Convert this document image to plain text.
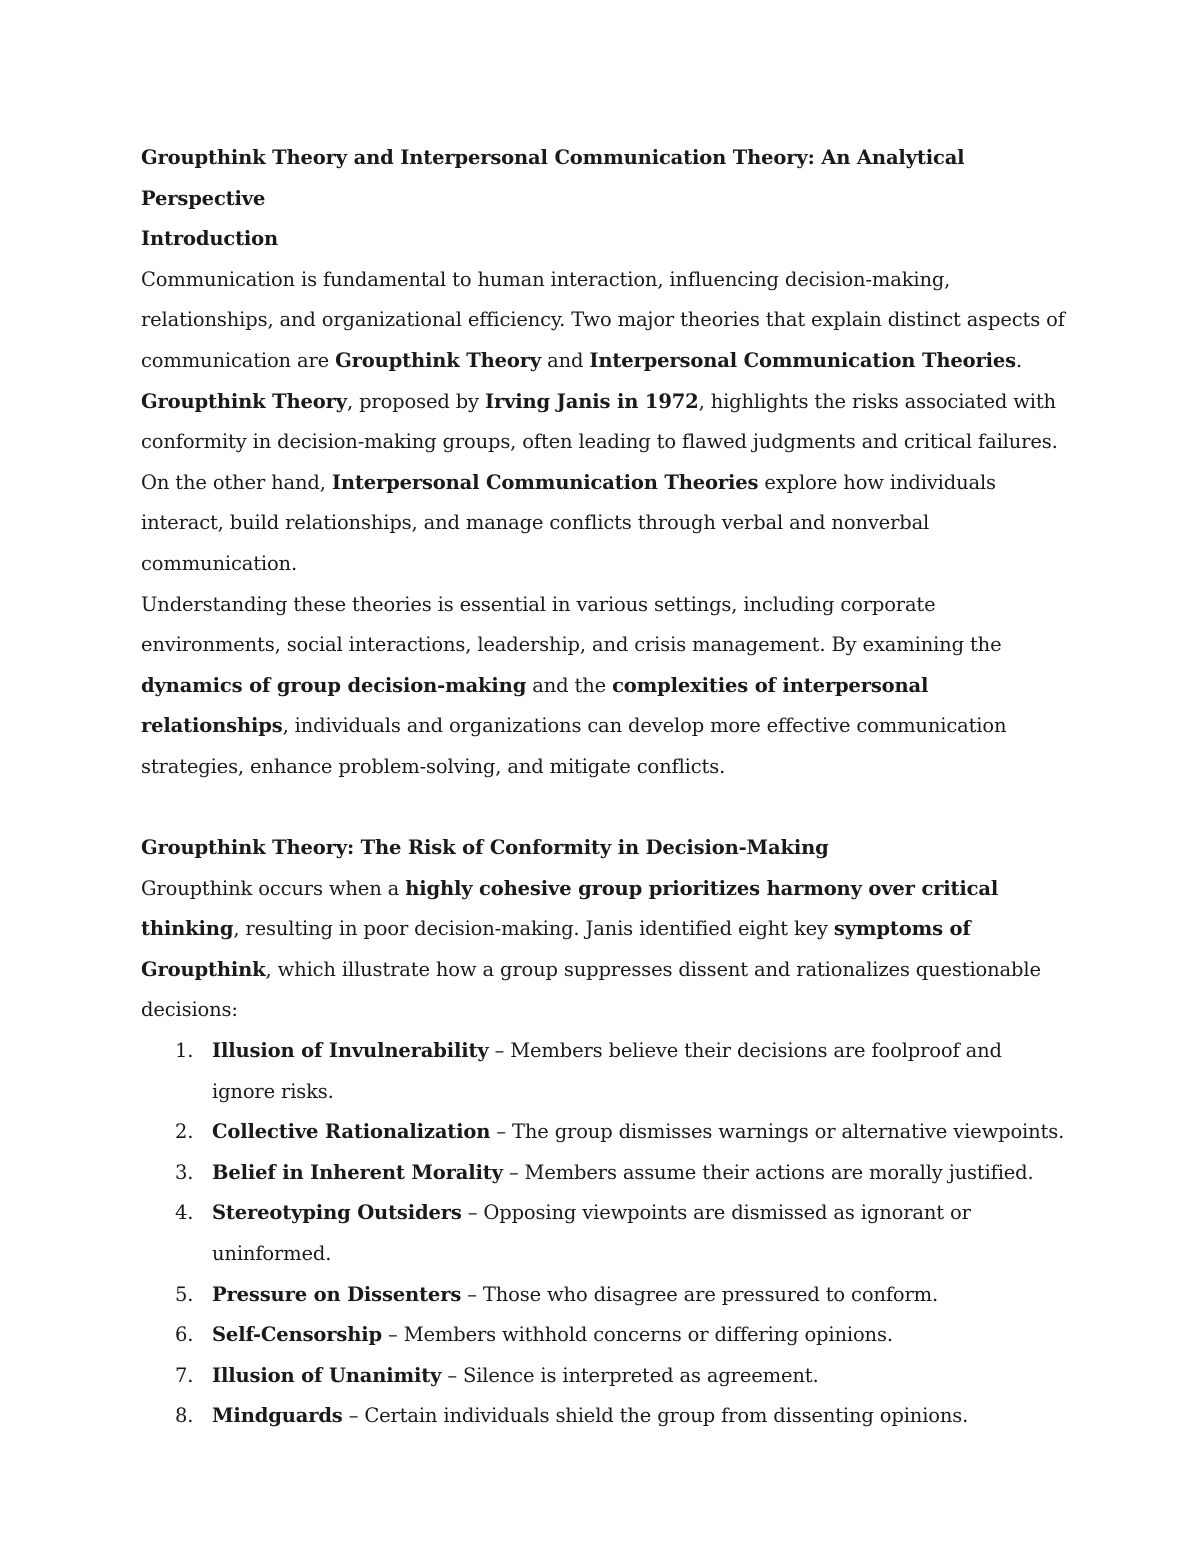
Groupthink Theory and Interpersonal Communication Theory: An Analytical Perspective

Introduction

Communication is fundamental to human interaction, influencing decision-making, relationships, and organizational efficiency. Two major theories that explain distinct aspects of communication are Groupthink Theory and Interpersonal Communication Theories. Groupthink Theory, proposed by Irving Janis in 1972, highlights the risks associated with conformity in decision-making groups, often leading to flawed judgments and critical failures. On the other hand, Interpersonal Communication Theories explore how individuals interact, build relationships, and manage conflicts through verbal and nonverbal communication.

Understanding these theories is essential in various settings, including corporate environments, social interactions, leadership, and crisis management. By examining the dynamics of group decision-making and the complexities of interpersonal relationships, individuals and organizations can develop more effective communication strategies, enhance problem-solving, and mitigate conflicts.

Groupthink Theory: The Risk of Conformity in Decision-Making

Groupthink occurs when a highly cohesive group prioritizes harmony over critical thinking, resulting in poor decision-making. Janis identified eight key symptoms of Groupthink, which illustrate how a group suppresses dissent and rationalizes questionable decisions:

1. Illusion of Invulnerability – Members believe their decisions are foolproof and ignore risks.
2. Collective Rationalization – The group dismisses warnings or alternative viewpoints.
3. Belief in Inherent Morality – Members assume their actions are morally justified.
4. Stereotyping Outsiders – Opposing viewpoints are dismissed as ignorant or uninformed.
5. Pressure on Dissenters – Those who disagree are pressured to conform.
6. Self-Censorship – Members withhold concerns or differing opinions.
7. Illusion of Unanimity – Silence is interpreted as agreement.
8. Mindguards – Certain individuals shield the group from dissenting opinions.
